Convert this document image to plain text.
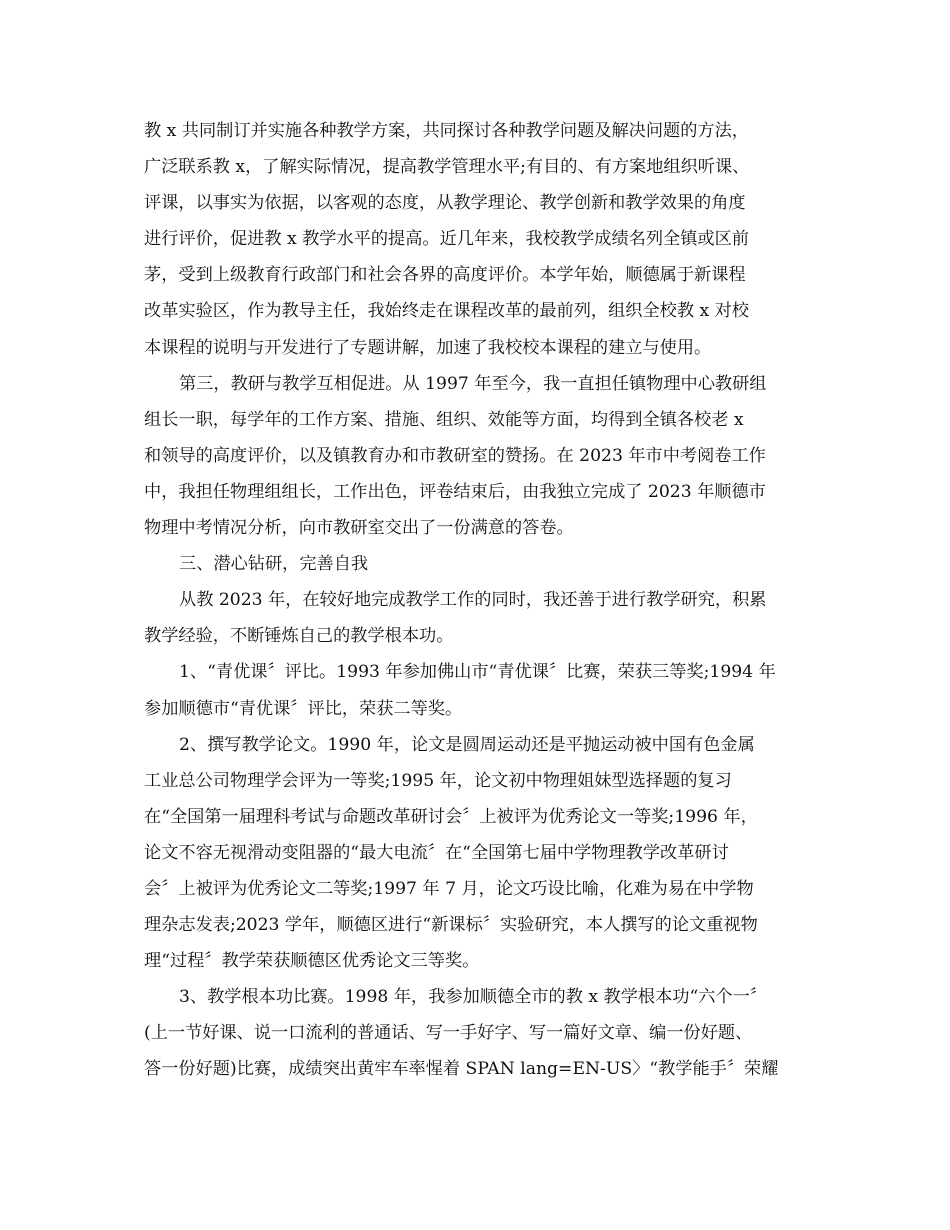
教 x 共同制订并实施各种教学方案，共同探讨各种教学问题及解决问题的方法，
广泛联系教 x，了解实际情况，提高教学管理水平;有目的、有方案地组织听课、
评课，以事实为依据，以客观的态度，从教学理论、教学创新和教学效果的角度
进行评价，促进教 x 教学水平的提高。近几年来，我校教学成绩名列全镇或区前
茅，受到上级教育行政部门和社会各界的高度评价。本学年始，顺德属于新课程
改革实验区，作为教导主任，我始终走在课程改革的最前列，组织全校教 x 对校
本课程的说明与开发进行了专题讲解，加速了我校校本课程的建立与使用。
第三，教研与教学互相促进。从 1997 年至今，我一直担任镇物理中心教研组
组长一职，每学年的工作方案、措施、组织、效能等方面，均得到全镇各校老 x
和领导的高度评价，以及镇教育办和市教研室的赞扬。在 2023 年市中考阅卷工作
中，我担任物理组组长，工作出色，评卷结束后，由我独立完成了 2023 年顺德市
物理中考情况分析，向市教研室交出了一份满意的答卷。
三、潜心钻研，完善自我
从教 2023 年，在较好地完成教学工作的同时，我还善于进行教学研究，积累
教学经验，不断锤炼自己的教学根本功。
1、“青优课〞评比。1993 年参加佛山市“青优课〞比赛，荣获三等奖;1994 年
参加顺德市“青优课〞评比，荣获二等奖。
2、撰写教学论文。1990 年，论文是圆周运动还是平抛运动被中国有色金属
工业总公司物理学会评为一等奖;1995 年，论文初中物理姐妹型选择题的复习
在“全国第一届理科考试与命题改革研讨会〞上被评为优秀论文一等奖;1996 年，
论文不容无视滑动变阻器的“最大电流〞在“全国第七届中学物理教学改革研讨
会〞上被评为优秀论文二等奖;1997 年 7 月，论文巧设比喻，化难为易在中学物
理杂志发表;2023 学年，顺德区进行“新课标〞实验研究，本人撰写的论文重视物
理“过程〞教学荣获顺德区优秀论文三等奖。
3、教学根本功比赛。1998 年，我参加顺德全市的教 x 教学根本功“六个一〞
(上一节好课、说一口流利的普通话、写一手好字、写一篇好文章、编一份好题、
答一份好题)比赛，成绩突出黄牢车率惺着 SPAN lang=EN-US〉“教学能手〞荣耀
